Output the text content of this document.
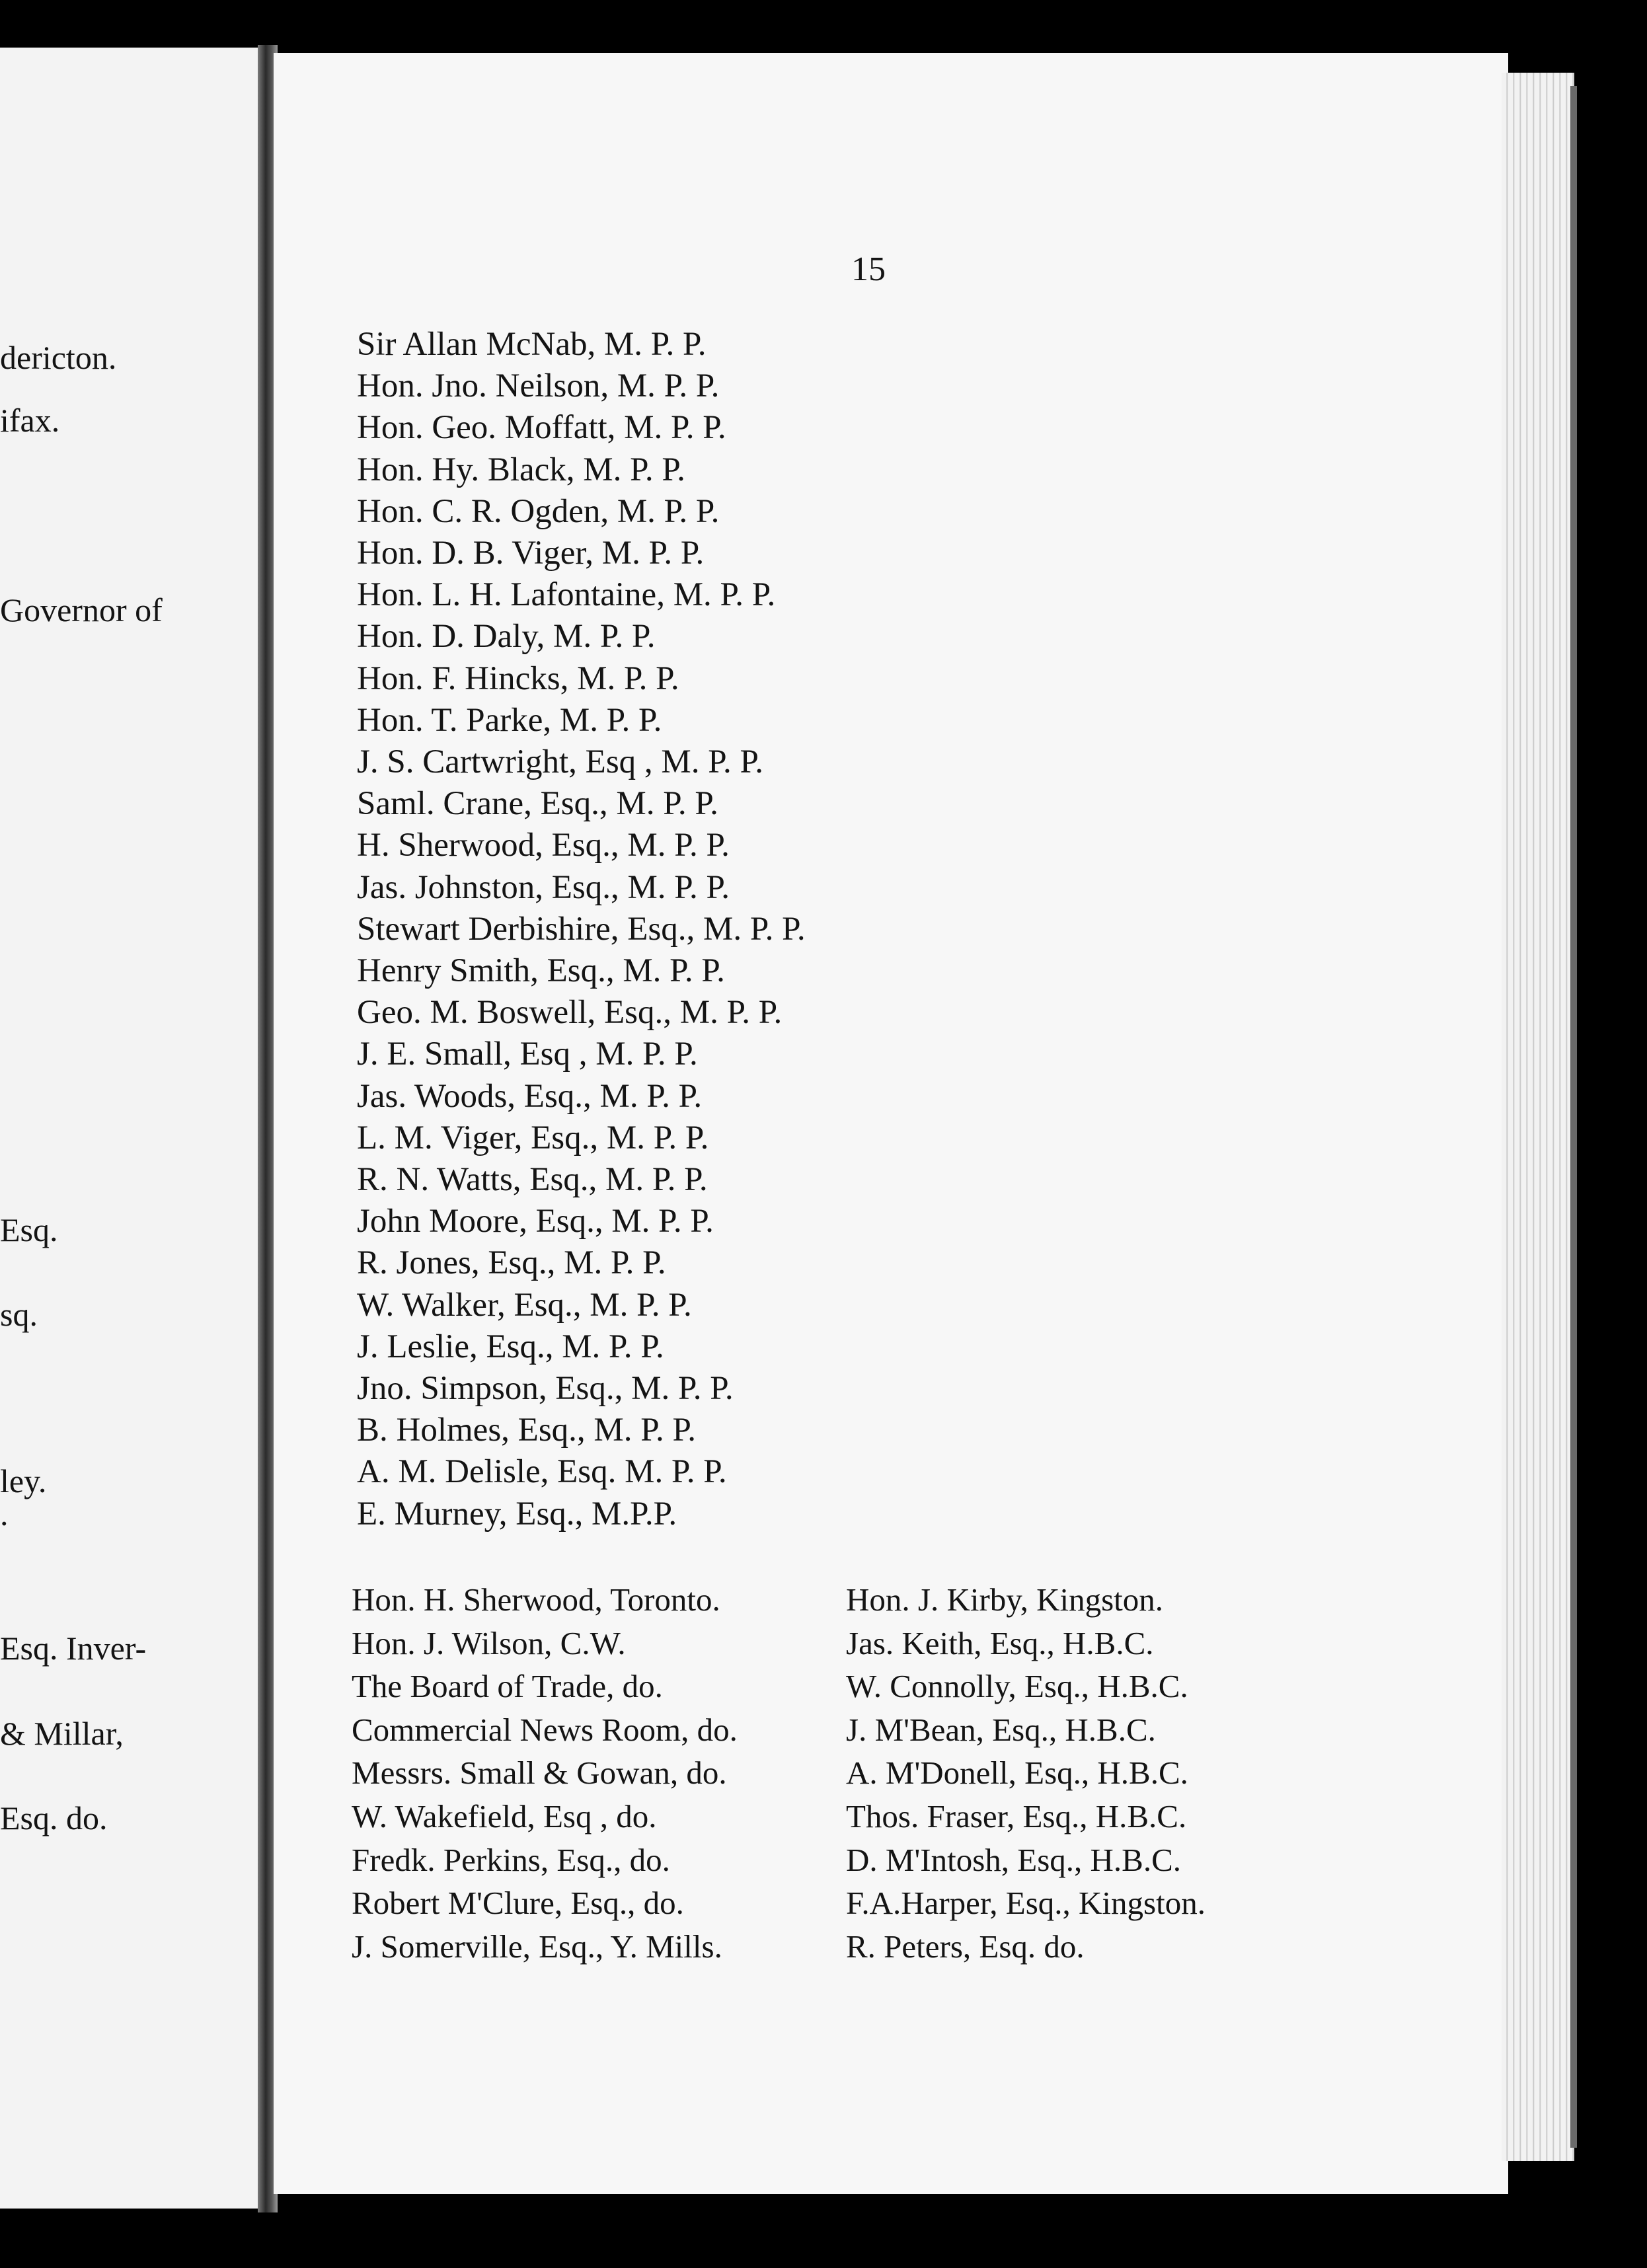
dericton.
ifax.
Governor of
Esq.
sq.
ley.
.
Esq. Inver-
& Millar,
Esq. do.
15
Sir Allan McNab, M. P. P.
Hon. Jno. Neilson, M. P. P.
Hon. Geo. Moffatt, M. P. P.
Hon. Hy. Black, M. P. P.
Hon. C. R. Ogden, M. P. P.
Hon. D. B. Viger, M. P. P.
Hon. L. H. Lafontaine, M. P. P.
Hon. D. Daly, M. P. P.
Hon. F. Hincks, M. P. P.
Hon. T. Parke, M. P. P.
J. S. Cartwright, Esq , M. P. P.
Saml. Crane, Esq., M. P. P.
H. Sherwood, Esq., M. P. P.
Jas. Johnston, Esq., M. P. P.
Stewart Derbishire, Esq., M. P. P.
Henry Smith, Esq., M. P. P.
Geo. M. Boswell, Esq., M. P. P.
J. E. Small, Esq , M. P. P.
Jas. Woods, Esq., M. P. P.
L. M. Viger, Esq., M. P. P.
R. N. Watts, Esq., M. P. P.
John Moore, Esq., M. P. P.
R. Jones, Esq., M. P. P.
W. Walker, Esq., M. P. P.
J. Leslie, Esq., M. P. P.
Jno. Simpson, Esq., M. P. P.
B. Holmes, Esq., M. P. P.
A. M. Delisle, Esq. M. P. P.
E. Murney, Esq., M.P.P.
Hon. H. Sherwood, Toronto.	Hon. J. Kirby, Kingston.
Hon. J. Wilson, C.W.	Jas. Keith, Esq., H.B.C.
The Board of Trade, do.	W. Connolly, Esq., H.B.C.
Commercial News Room, do.	J. M'Bean, Esq., H.B.C.
Messrs. Small & Gowan, do.	A. M'Donell, Esq., H.B.C.
W. Wakefield, Esq , do.	Thos. Fraser, Esq., H.B.C.
Fredk. Perkins, Esq., do.	D. M'Intosh, Esq., H.B.C.
Robert M'Clure, Esq., do.	F.A.Harper, Esq., Kingston.
J. Somerville, Esq., Y. Mills.	R. Peters, Esq. do.
